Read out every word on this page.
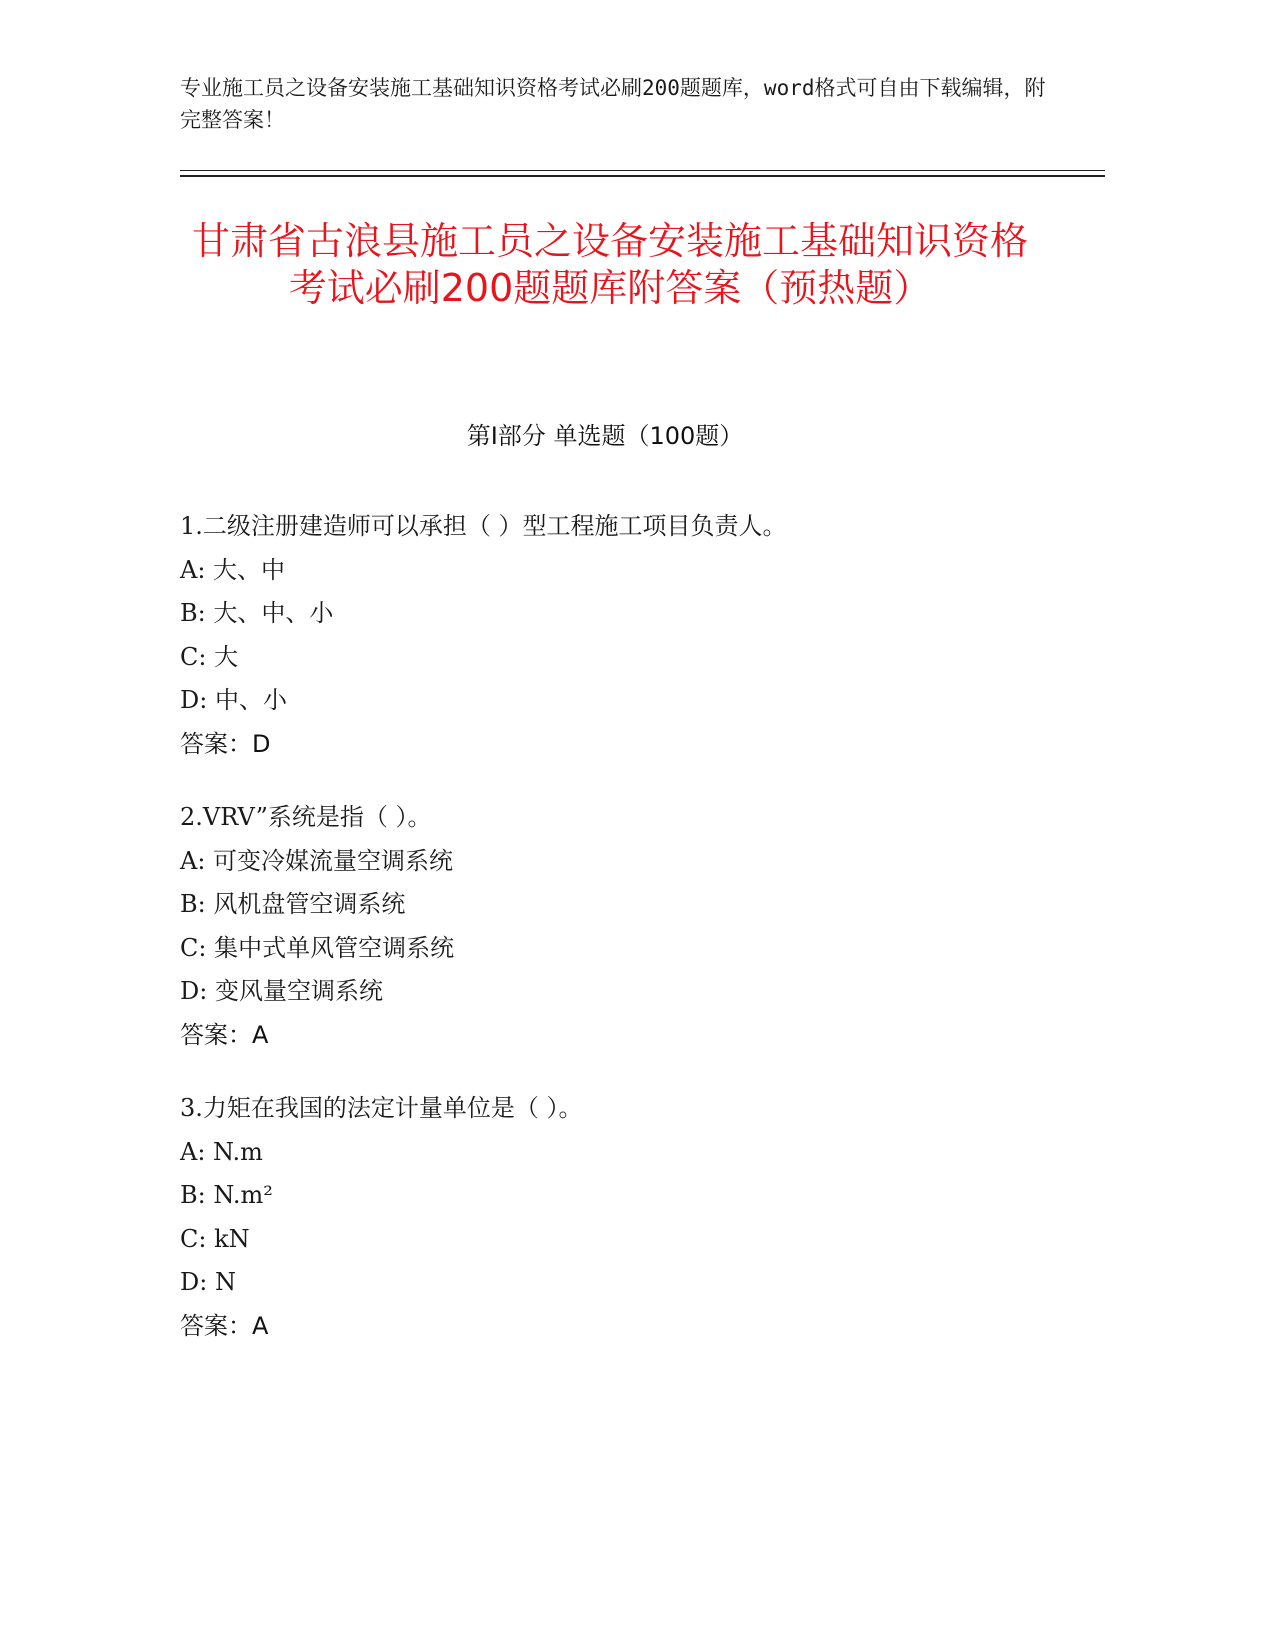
专业施工员之设备安装施工基础知识资格考试必刷200题题库，word格式可自由下载编辑，附完整答案！
甘肃省古浪县施工员之设备安装施工基础知识资格考试必刷200题题库附答案（预热题）
第Ⅰ部分 单选题（100题）
1.二级注册建造师可以承担（ ）型工程施工项目负责人。
A: 大、中
B: 大、中、小
C: 大
D: 中、小
答案：D
2.VRV”系统是指（ ）。
A: 可变冷媒流量空调系统
B: 风机盘管空调系统
C: 集中式单风管空调系统
D: 变风量空调系统
答案：A
3.力矩在我国的法定计量单位是（ ）。
A: N.m
B: N.m²
C: kN
D: N
答案：A
